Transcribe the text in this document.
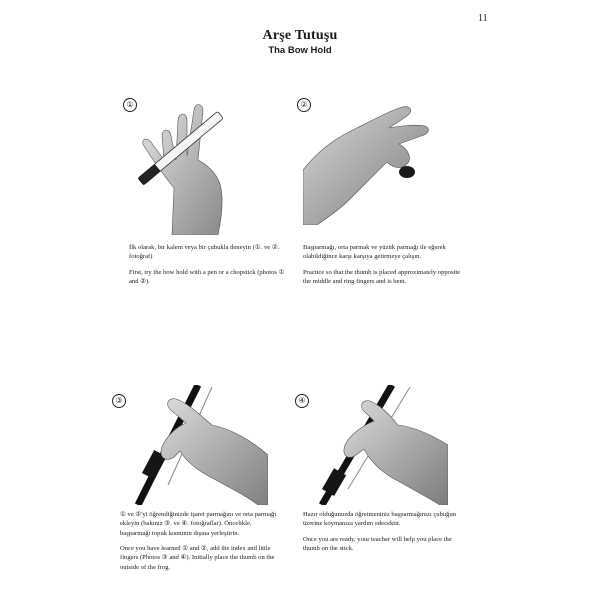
11
Arşe Tutuşu
Tha Bow Hold
①

İlk olarak, bir kalem veya bir çubukla denеyin (①. ve ②. fotoğraf)

First, try the bow hold with a pen or a chopstick (photos ① and ②).

②

Başparmağı, orta parmak ve yüzük parmağı ile eğerek olabildiğince karşı karşıya getirmeye çalışın.

Practice so that the thumb is placed approximately opposite the middle and ring fingers and is bent.

③

① ve ②'yi öğrendiğinizde işaret parmağını ve orta parmağı ekleyin (bakınız ③. ve ④. fotoğraflar). Öncelikle, başparmağı topuk kısmının dışına yerleştirin.

Once you have learned ① and ②, add the index and little fingers (Photos ③ and ④). Initially place the thumb on the outside of the frog.

④

Hazır olduğunuzda öğretmeniniz başparmağınızı çubuğun üzerine koymanıza yardım edecektir.

Once you are ready, your teacher will help you place the thumb on the stick.
